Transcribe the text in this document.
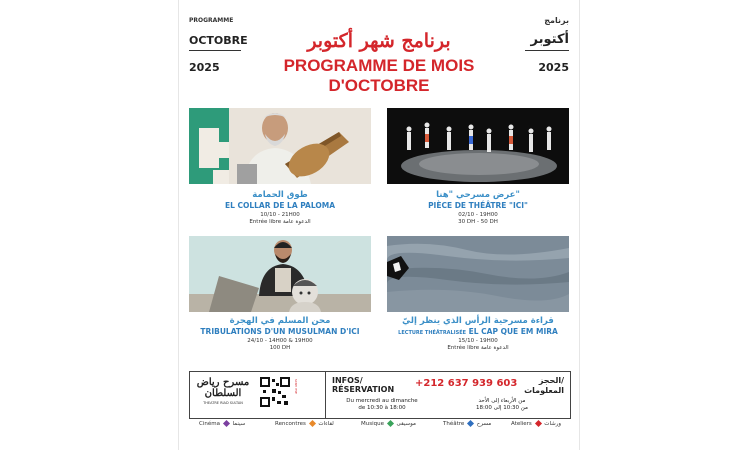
PROGRAMME	برنامج
OCTOBRE	أكتوبر
2025	2025
برنامج شهر أكتوبر
PROGRAMME DE MOIS
D'OCTOBRE
طوق الحمامة
EL COLLAR DE LA PALOMA
10/10 - 21H00
Entrée libre الدعوة عامة
عرض مسرحي "هنا"
PIÈCE DE THÉÂTRE "ICI"
02/10 - 19H00
30 DH - 50 DH
محن المسلم في الهجرة
TRIBULATIONS D'UN MUSULMAN D'ICI
24/10 - 14H00 & 19H00
100 DH
قراءة مسرحية الرأس الذي ينظر إليّ
LECTURE THÉÂTRALISÉE EL CAP QUE EM MIRA
15/10 - 19H00
Entrée libre الدعوة عامة
مسرح رياض السلطان
THEATRE RIAD SULTAN
scan me	INFOS/
RÉSERVATION
+212 637 939 603	الحجز/
المعلومات
Du mercredi au dimanche
de 10:30 à 18:00
من الأربعاء إلى الأحد
من 10:30 إلى 18:00
Cinéma سينما	Rencontres لقاءات	Musique موسيقى	Théâtre مسرح	Ateliers ورشات
